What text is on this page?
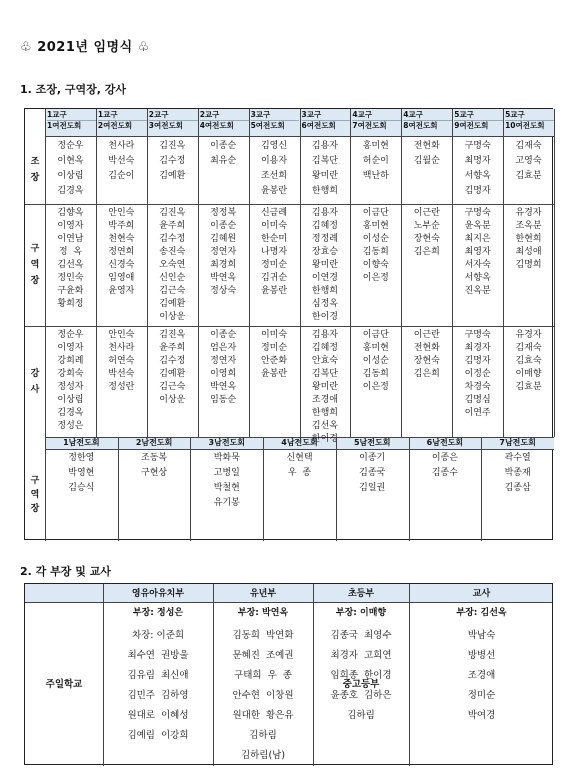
♧ 2021년 임명식 ♧
1. 조장, 구역장, 강사
1교구
1여전도회
1교구
2여전도회
2교구
3여전도회
2교구
4여전도회
3교구
5여전도회
3교구
6여전도회
4교구
7여전도회
4교구
8여전도회
5교구
9여전도회
5교구
10여전도회
조
장
정순우
이현옥
이상림
김경옥
천사라
박선숙
김순이
김진옥
김수정
김예환
이종순
최유순
김영신
이용자
조선희
윤봉란
김용자
김복단
왕미란
한행희
홍미현
허순이
백난하
전현화
김월순
구명숙
최명자
서향옥
김명자
김재숙
고영숙
김효분
구
역
장
김향옥
이영자
이연남
정  옥
김선옥
정인숙
구윤화
황희정
안인숙
박주희
천현숙
정연희
신경숙
임영애
윤영자
김진옥
윤주희
김수정
송진숙
오숙연
신인순
김근숙
김예환
이상운
정정복
이종순
김혜원
정연자
최경희
박연옥
정상숙
신금례
이미숙
한순미
나명자
정미순
김귀순
윤봉란
김용자
김혜정
정정례
장효승
왕미란
이연경
한행희
심정옥
한이경
이금단
홍미현
이성순
김동희
이향숙
이은정
이근란
노부순
장현숙
김은희
구명숙
윤옥분
최지은
최영자
서자숙
서향옥
진옥분
유경자
조옥분
한현희
최성애
김명희
강
사
정순우
이영자
강희례
강희숙
정성자
이상림
김경옥
정성은
안인숙
천사라
허연숙
박선숙
정성란
김진옥
윤주희
김수정
김예환
김근숙
이상운
이종순
엄은자
정연자
이영희
박연옥
임동순
이미숙
정미순
안준화
윤봉란
김용자
김혜정
안효숙
김복단
왕미란
조경애
한행희
김선옥
한이경
이금단
홍미현
이성순
김동희
이은정
이근란
전현화
장현숙
김은희
구명숙
최경자
김명자
이정순
차경숙
김명심
이연주
유경자
김재숙
김효숙
이매향
김효분
구
역
장
1남전도회
정한영
박영현
김승식
2남전도회
조동복
구현상
3남전도회
박화묵
고병일
박철현
유기봉
4남전도회
신현택
우  종
5남전도회
이종기
김종국
김일권
6남전도회
이종은
김종수
7남전도회
곽수열
박종재
김종삼
2. 각 부장 및 교사
영유아유치부
부장: 정성은
차장: 이준희
최수연  권방울
김유림  최신애
김민주  김하영
원대로  이혜성
김예림  이강희
유년부
부장: 박연옥
김동희  박연화
문혜진  조예권
구태희  우  종
안수현  이창원
원대한  황은유
김하림
김하림(남)
초등부
부장: 이매향
김종국  최영수
최경자  고희연
임희종  한이경
윤종호  김하은
김하림
교사
부장: 김선옥
박남숙
방병선
조경애
정미순
박여경
주일학교	중고등부
